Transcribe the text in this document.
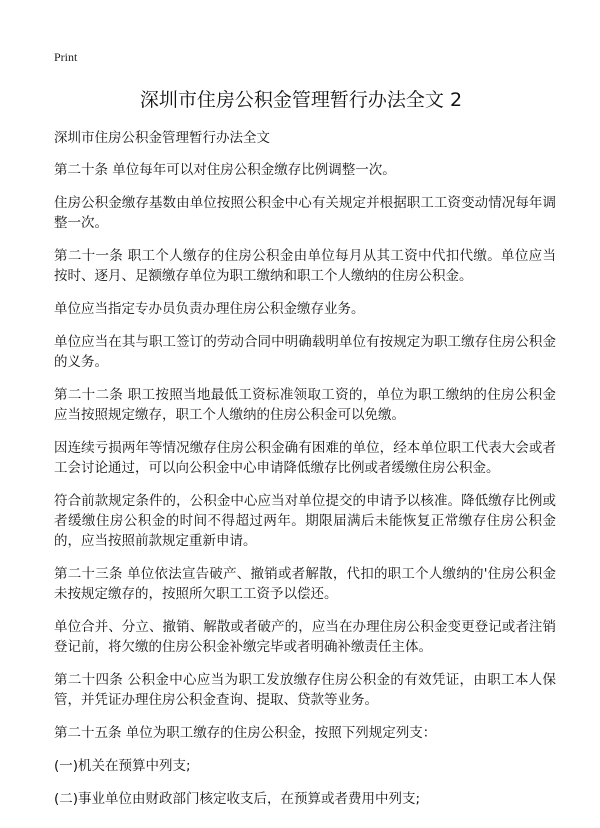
Print
深圳市住房公积金管理暂行办法全文 2

深圳市住房公积金管理暂行办法全文

第二十条 单位每年可以对住房公积金缴存比例调整一次。

住房公积金缴存基数由单位按照公积金中心有关规定并根据职工工资变动情况每年调整一次。

第二十一条 职工个人缴存的住房公积金由单位每月从其工资中代扣代缴。单位应当按时、逐月、足额缴存单位为职工缴纳和职工个人缴纳的住房公积金。

单位应当指定专办员负责办理住房公积金缴存业务。

单位应当在其与职工签订的劳动合同中明确载明单位有按规定为职工缴存住房公积金的义务。

第二十二条 职工按照当地最低工资标准领取工资的，单位为职工缴纳的住房公积金应当按照规定缴存，职工个人缴纳的住房公积金可以免缴。

因连续亏损两年等情况缴存住房公积金确有困难的单位，经本单位职工代表大会或者工会讨论通过，可以向公积金中心申请降低缴存比例或者缓缴住房公积金。

符合前款规定条件的，公积金中心应当对单位提交的申请予以核准。降低缴存比例或者缓缴住房公积金的时间不得超过两年。期限届满后未能恢复正常缴存住房公积金的，应当按照前款规定重新申请。

第二十三条 单位依法宣告破产、撤销或者解散，代扣的职工个人缴纳的'住房公积金未按规定缴存的，按照所欠职工工资予以偿还。

单位合并、分立、撤销、解散或者破产的，应当在办理住房公积金变更登记或者注销登记前，将欠缴的住房公积金补缴完毕或者明确补缴责任主体。

第二十四条 公积金中心应当为职工发放缴存住房公积金的有效凭证，由职工本人保管，并凭证办理住房公积金查询、提取、贷款等业务。

第二十五条 单位为职工缴存的住房公积金，按照下列规定列支：

(一)机关在预算中列支;

(二)事业单位由财政部门核定收支后，在预算或者费用中列支;
